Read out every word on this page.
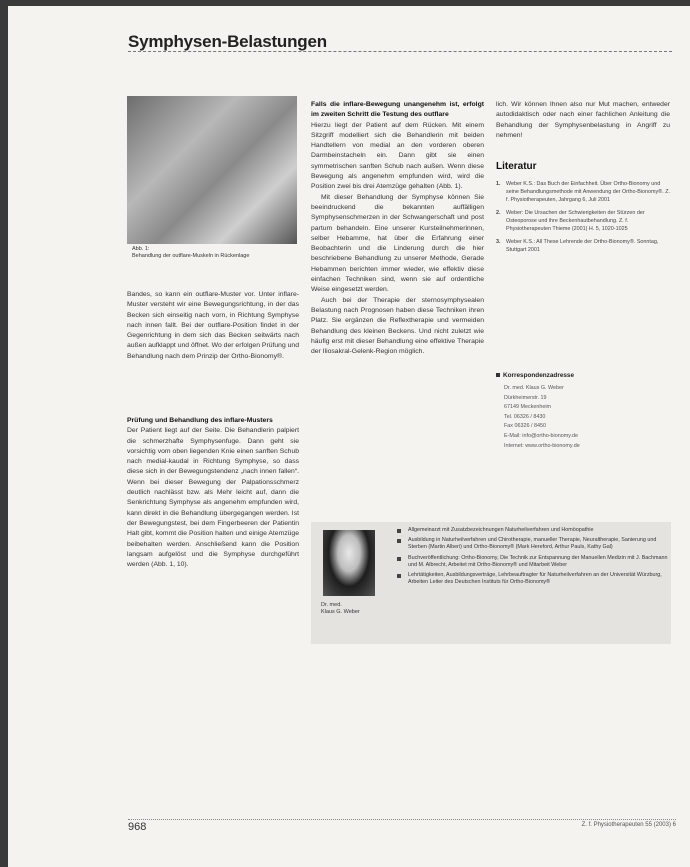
Symphysen-Belastungen
Abb. 1:
Behandlung der outflare-Muskeln in Rückenlage

Bandes, so kann ein outflare-Muster vor. Unter inflare-Muster versteht wir eine Bewegungsrichtung, in der das Becken sich einseitig nach vorn, in Richtung Symphyse nach innen fallt. Bei der outflare-Position findet in der Gegenrichtung in dem sich das Becken seitwärts nach außen aufklappt und öffnet. Wo der erfolgen Prüfung und Behandlung nach dem Prinzip der Ortho-Bionomy®.

Prüfung und Behandlung des inflare-Musters

Der Patient liegt auf der Seite. Die Behandlerin palpiert die schmerzhafte Symphysenfuge. Dann geht sie vorsichtig vom oben liegenden Knie einen sanften Schub nach medial-kaudal in Richtung Symphyse, so dass diese sich in der Bewegungstendenz „nach innen fallen“. Wenn bei dieser Bewegung der Palpationsschmerz deutlich nachlässt bzw. als Mehr leicht auf, dann die Senkrichtung Symphyse als angenehm empfunden wird, kann direkt in die Behandlung übergegangen werden. Ist der Bewegungstest, bei dem Fingerbeeren der Patientin Halt gibt, kommt die Position halten und einige Atemzüge beibehalten werden. Anschließend kann die Position langsam aufgelöst und die Symphyse durchgeführt werden (Abb. 1, 10).

Falls die inflare-Bewegung unangenehm ist, erfolgt im zweiten Schritt die Testung des outflare

Hierzu liegt der Patient auf dem Rücken. Mit einem Sitzgriff modelliert sich die Behandlerin mit beiden Handtellern von medial an den vorderen oberen Darmbeinstacheln ein. Dann gibt sie einen symmetrischen sanften Schub nach außen. Wenn diese Bewegung als angenehm empfunden wird, wird die Position zwei bis drei Atemzüge gehalten (Abb. 1).

Mit dieser Behandlung der Symphyse können Sie beeindruckend die bekannten auffälligen Symphysenschmerzen in der Schwangerschaft und post partum behandeln. Eine unserer Kursteilnehmerinnen, selber Hebamme, hat über die Erfahrung einer Beobachterin und die Linderung durch die hier beschriebene Behandlung zu unserer Methode, Gerade Hebammen berichten immer wieder, wie effektiv diese einfachen Techniken sind, wenn sie auf ordentliche Weise eingesetzt werden.

Auch bei der Therapie der sternosymphysealen Belastung nach Prognosen haben diese Techniken ihren Platz. Sie ergänzen die Reflextherapie und vermeiden Behandlung des kleinen Beckens. Und nicht zuletzt wie häufig erst mit dieser Behandlung eine effektive Therapie der Iliosakral-Gelenk-Region möglich.

lich. Wir können Ihnen also nur Mut machen, entweder autodidaktisch oder nach einer fachlichen Anleitung die Behandlung der Symphysenbelastung in Angriff zu nehmen!

Literatur
1.	Weber K.S.: Das Buch der Einfachheit. Über Ortho-Bionomy und seine Behandlungsmethode mit Anwendung der Ortho-Bionomy®. Z. f. Physiotherapeuten, Jahrgang 6, Juli 2001
2.	Weber: Die Ursachen der Schwierigkeiten der Stürzen der Osteoporose und ihre Beckenhautbehandlung. Z. f. Physiotherapeuten Thieme (2001) H. 5, 1020-1025
3.	Weber K.S.: All These Lehrende der Ortho-Bionomy®. Sonntag, Stuttgart 2001
Korrespondenzadresse
Dr. med. Klaus G. Weber
Dürkheimerstr. 19
67149 Meckenheim
Tel. 06326 / 8430
Fax 06326 / 8450
E-Mail: info@ortho-bionomy.de
Internet: www.ortho-bionomy.de
Dr. med.
Klaus G. Weber
Allgemeinarzt mit Zusatzbezeichnungen Naturheilverfahren und Homöopathie
Ausbildung in Naturheilverfahren und Chirotherapie, manueller Therapie, Neuraltherapie, Sanierung und Sterben (Martin Alberi) und Ortho-Bionomy® (Mark Hereford, Arthur Pauls, Kathy Gal)
Buchveröffentlichung: Ortho-Bionomy, Die Technik zur Entspannung der Manuellen Medizin mit J. Bachmann und M. Albrecht, Arbeitet mit Ortho-Bionomy® und Mitarbeit Weber
Lehrtätigkeiten, Ausbildungsverträge, Lehrbeauftragter für Naturheilverfahren an der Universität Würzburg, Arbeiten Leiter des Deutschen Instituts für Ortho-Bionomy®
968	Z. f. Physiotherapeuten 55 (2003) 6
